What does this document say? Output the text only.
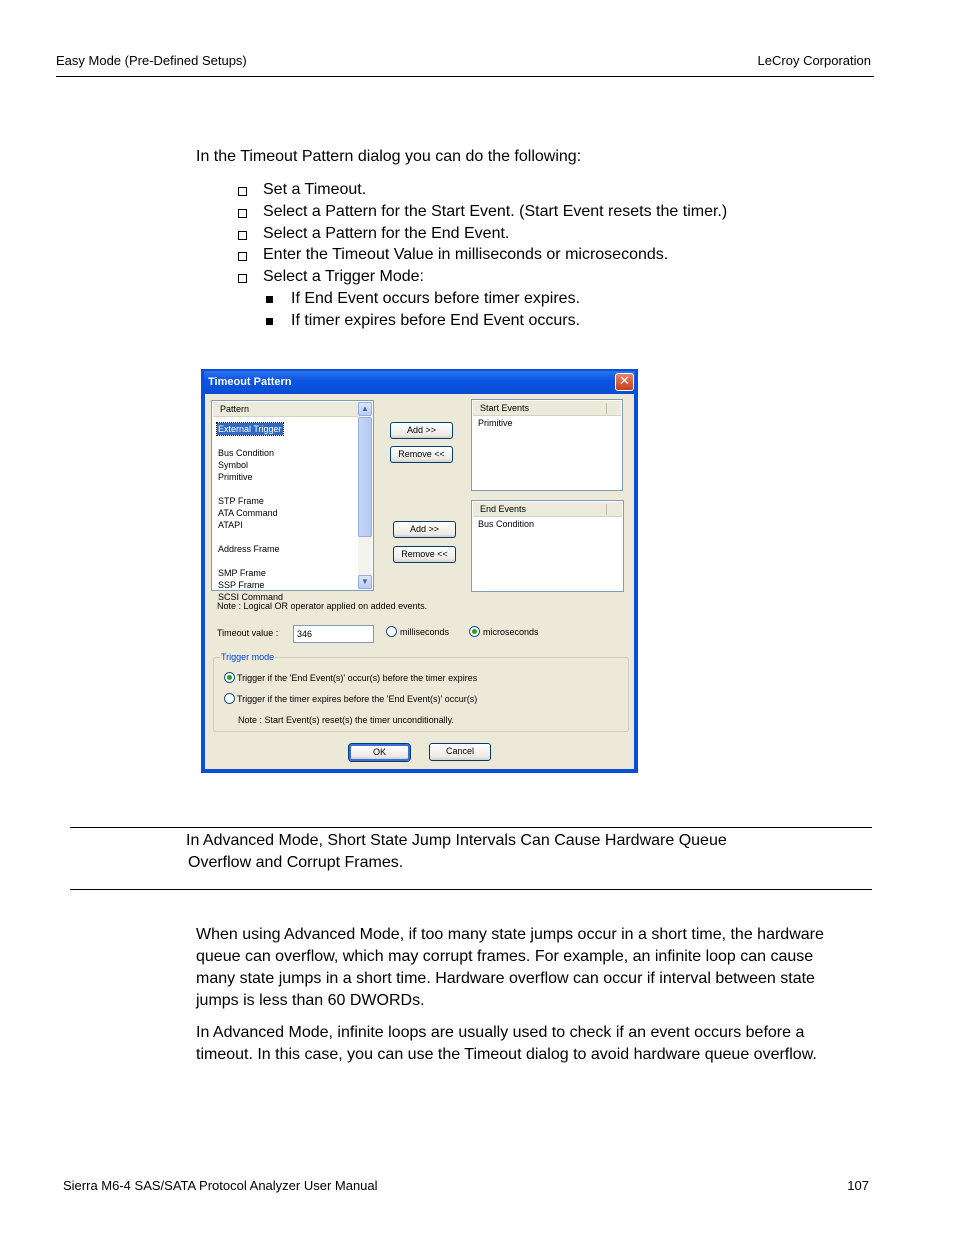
Easy Mode (Pre-Defined Setups)	LeCroy Corporation
In the Timeout Pattern dialog you can do the following:
Set a Timeout.
Select a Pattern for the Start Event. (Start Event resets the timer.)
Select a Pattern for the End Event.
Enter the Timeout Value in milliseconds or microseconds.
Select a Trigger Mode:
If End Event occurs before timer expires.
If timer expires before End Event occurs.
Timeout Pattern	✕
Pattern
External Trigger
Bus Condition
Symbol
Primitive
STP Frame
ATA Command
ATAPI
Address Frame
SMP Frame
SSP Frame
SCSI Command
▲
▼
Add >>
Remove <<
Start Events
Primitive
Add >>
Remove <<
End Events
Bus Condition
Note : Logical OR operator applied on added events.
Timeout value :	346	milliseconds	microseconds
Trigger mode
Trigger if the 'End Event(s)' occur(s) before the timer expires
Trigger if the timer expires before the 'End Event(s)' occur(s)
Note : Start Event(s) reset(s) the timer unconditionally.
OK	Cancel
In Advanced Mode, Short State Jump Intervals Can Cause Hardware Queue
Overflow and Corrupt Frames.
When using Advanced Mode, if too many state jumps occur in a short time, the hardware
queue can overflow, which may corrupt frames. For example, an infinite loop can cause
many state jumps in a short time. Hardware overflow can occur if interval between state
jumps is less than 60 DWORDs.
In Advanced Mode, infinite loops are usually used to check if an event occurs before a
timeout. In this case, you can use the Timeout dialog to avoid hardware queue overflow.
Sierra M6-4 SAS/SATA Protocol Analyzer User Manual	107
